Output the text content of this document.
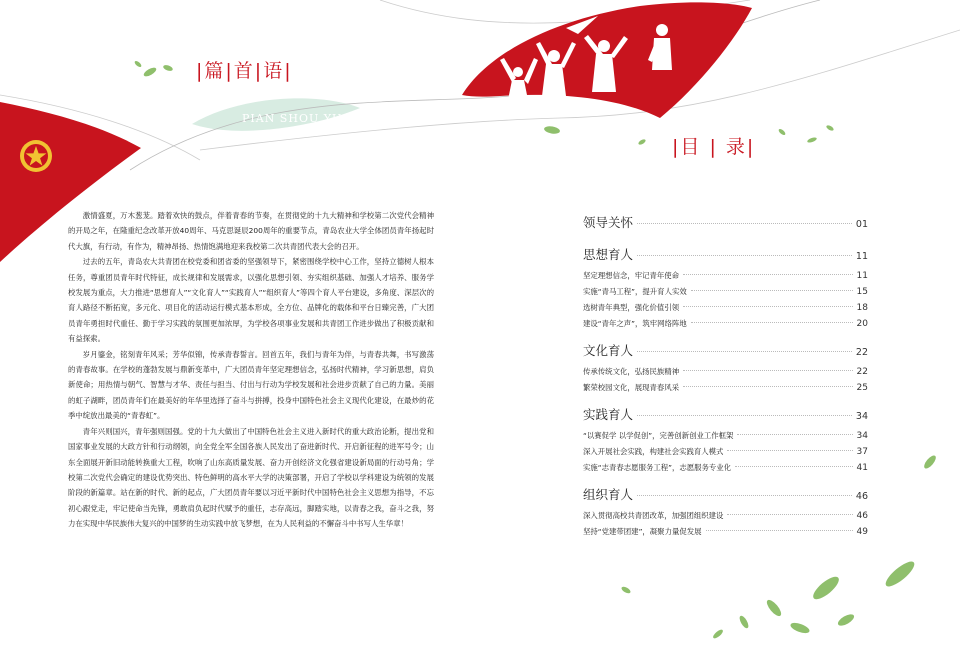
|篇|首|语|
PIAN SHOU YU
|目 | 录|

激情盛夏，万木葱茏。踏着欢快的鼓点，伴着青春的节奏，在贯彻党的十九大精神和学校第二次党代会精神的开局之年，在隆重纪念改革开放40周年、马克思诞辰200周年的重要节点，青岛农业大学全体团员青年扬起时代大旗，有行动，有作为，精神昂扬、热情饱满地迎来我校第二次共青团代表大会的召开。

过去的五年，青岛农大共青团在校党委和团省委的坚强领导下，紧密围绕学校中心工作，坚持立德树人根本任务，尊重团员青年时代特征，成长规律和发展需求，以强化思想引领、夯实组织基础、加强人才培养、服务学校发展为重点，大力推进“思想育人”“文化育人”“实践育人”“组织育人”等四个育人平台建设，多角度、深层次的育人路径不断拓宽，多元化、项目化的活动运行模式基本形成，全方位、品牌化的载体和平台日臻完善，广大团员青年勇担时代重任、勤于学习实践的氛围更加浓厚，为学校各项事业发展和共青团工作进步做出了积极贡献和有益探索。

岁月鎏金，铭刻青年风采；芳华似锦，传承青春誓言。回首五年，我们与青年为伴，与青春共舞，书写激荡的青春故事。在学校的蓬勃发展与鼎新变革中，广大团员青年坚定理想信念，弘扬时代精神，学习新思想，肩负新使命；用热情与朝气、智慧与才华、责任与担当、付出与行动为学校发展和社会进步贡献了自己的力量。美丽的虹子湖畔，团员青年们在最美好的年华里选择了奋斗与拼搏，投身中国特色社会主义现代化建设，在最炒的花季中绽放出最美的“青春虹”。

青年兴则国兴，青年强则国强。党的十九大做出了中国特色社会主义进入新时代的重大政治论断，提出党和国家事业发展的大政方针和行动纲领，向全党全军全国各族人民发出了奋进新时代、开启新征程的进军号令；山东全面展开新旧动能转换重大工程，吹响了山东高质量发展、奋力开创经济文化强省建设新局面的行动号角；学校第二次党代会确定的建设优势突出、特色鲜明的高水平大学的决策部署，开启了学校以学科建设为统领的发展阶段的新篇章。站在新的时代、新的起点，广大团员青年要以习近平新时代中国特色社会主义思想为指导，不忘初心跟党走，牢记使命当先锋，勇敢肩负起时代赋予的重任，志存高远，脚踏实地，以青春之我，奋斗之我，努力在实现中华民族伟大复兴的中国梦的生动实践中放飞梦想，在为人民利益的不懈奋斗中书写人生华章！

领导关怀	01
思想育人	11
坚定理想信念，牢记青年使命	11
实施“青马工程”，提升育人实效	15
选树青年典型，强化价值引领	18
建设“青年之声”，筑牢网络阵地	20
文化育人	22
传承传统文化，弘扬民族精神	22
繁荣校园文化，展现青春风采	25
实践育人	34
“以赛促学 以学促创”，完善创新创业工作框架	34
深入开展社会实践，构建社会实践育人模式	37
实施“志青春志愿服务工程”，志愿服务专业化	41
组织育人	46
深入贯彻高校共青团改革，加强团组织建设	46
坚持“党建带团建”，凝聚力量促发展	49
